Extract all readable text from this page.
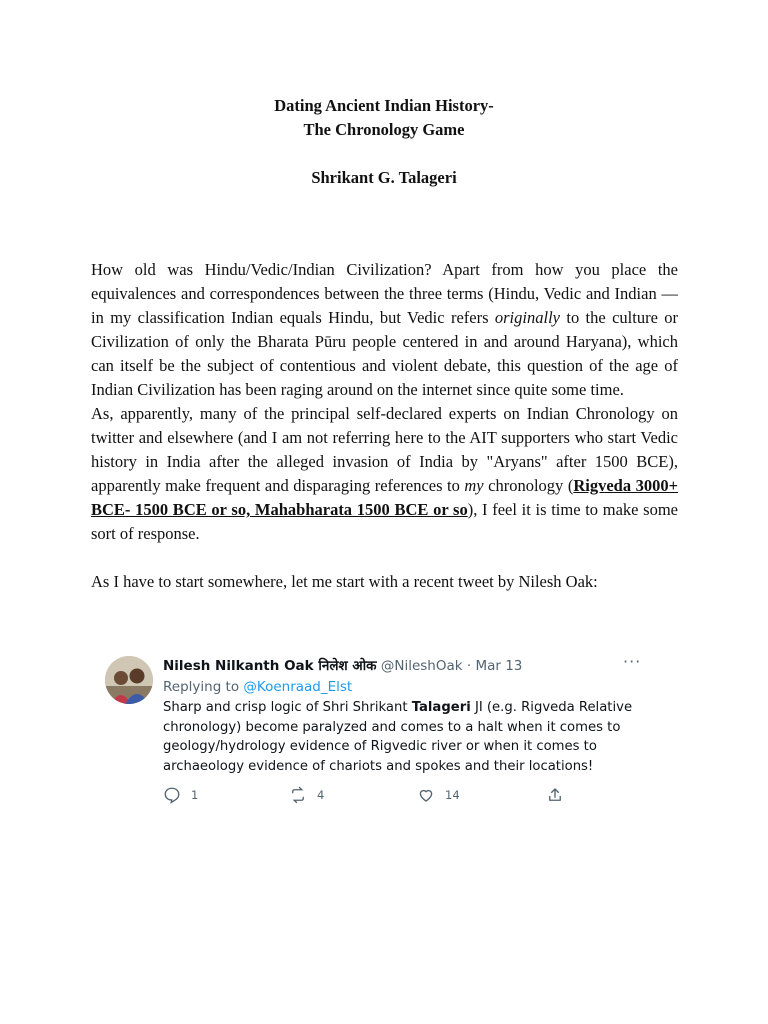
Dating Ancient Indian History-
The Chronology Game
Shrikant G. Talageri

How old was Hindu/Vedic/Indian Civilization? Apart from how you place the equivalences and correspondences between the three terms (Hindu, Vedic and Indian — in my classification Indian equals Hindu, but Vedic refers originally to the culture or Civilization of only the Bharata Pūru people centered in and around Haryana), which can itself be the subject of contentious and violent debate, this question of the age of Indian Civilization has been raging around on the internet since quite some time.

As, apparently, many of the principal self-declared experts on Indian Chronology on twitter and elsewhere (and I am not referring here to the AIT supporters who start Vedic history in India after the alleged invasion of India by "Aryans" after 1500 BCE), apparently make frequent and disparaging references to my chronology (Rigveda 3000+ BCE- 1500 BCE or so, Mahabharata 1500 BCE or so), I feel it is time to make some sort of response.

As I have to start somewhere, let me start with a recent tweet by Nilesh Oak:

Nilesh Nilkanth Oak निलेश ओक @NileshOak · Mar 13	···
Replying to @Koenraad_Elst
Sharp and crisp logic of Shri Shrikant Talageri JI (e.g. Rigveda Relative chronology) become paralyzed and comes to a halt when it comes to geology/hydrology evidence of Rigvedic river or when it comes to archaeology evidence of chariots and spokes and their locations!
1	4	14
